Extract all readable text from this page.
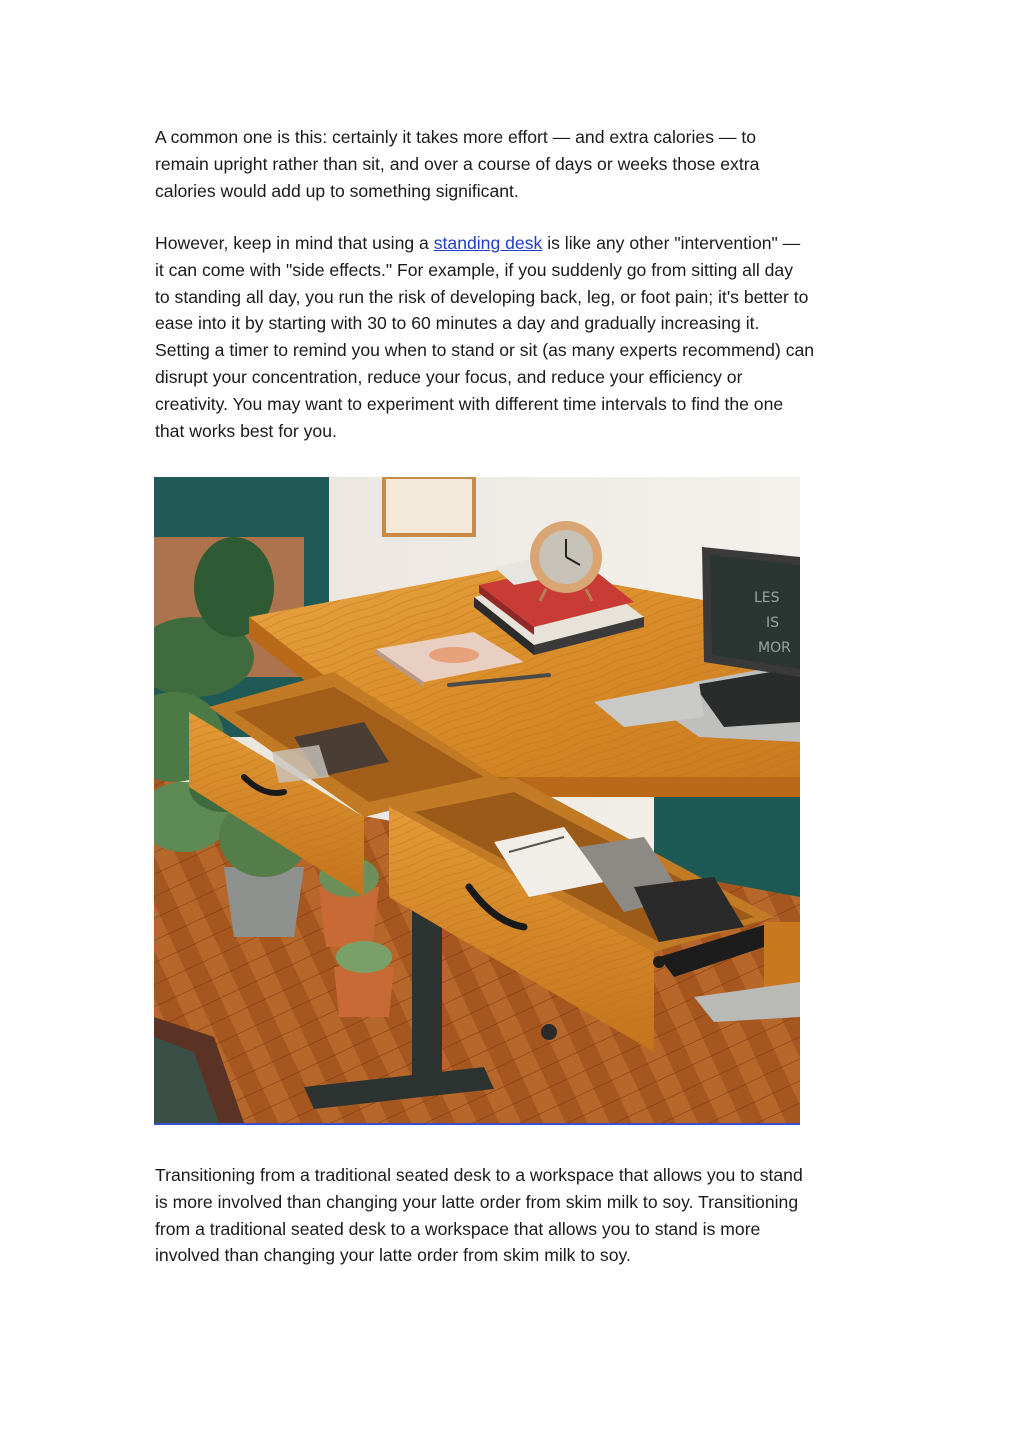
A common one is this: certainly it takes more effort — and extra calories — to
remain upright rather than sit, and over a course of days or weeks those extra
calories would add up to something significant.

However, keep in mind that using a standing desk is like any other "intervention" —
it can come with "side effects." For example, if you suddenly go from sitting all day
to standing all day, you run the risk of developing back, leg, or foot pain; it's better to
ease into it by starting with 30 to 60 minutes a day and gradually increasing it.
Setting a timer to remind you when to stand or sit (as many experts recommend) can
disrupt your concentration, reduce your focus, and reduce your efficiency or
creativity. You may want to experiment with different time intervals to find the one
that works best for you.

LES
IS
MOR

Transitioning from a traditional seated desk to a workspace that allows you to stand
is more involved than changing your latte order from skim milk to soy. Transitioning
from a traditional seated desk to a workspace that allows you to stand is more
involved than changing your latte order from skim milk to soy.
